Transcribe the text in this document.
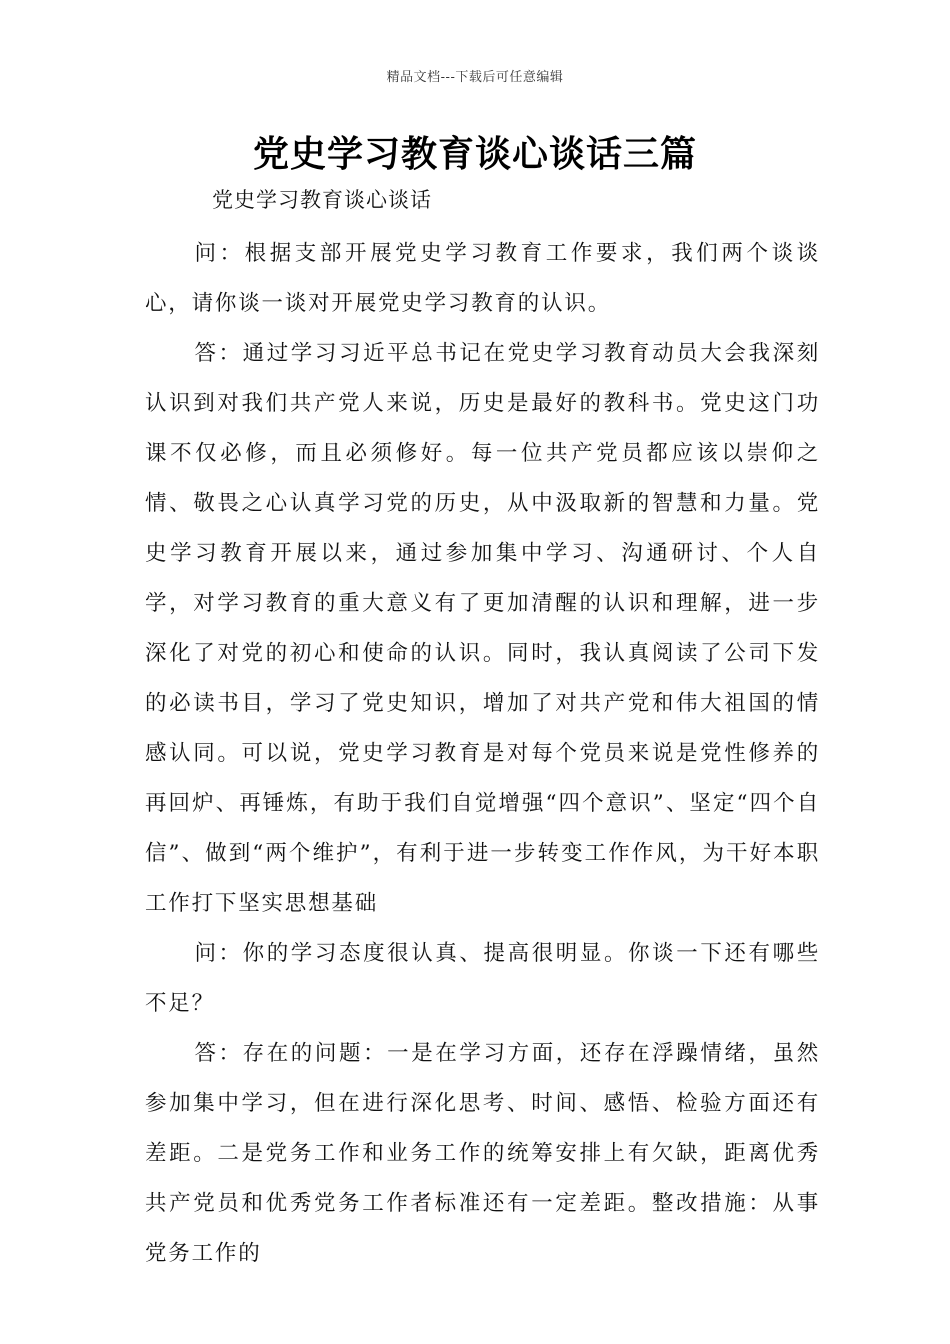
精品文档---下载后可任意编辑
党史学习教育谈心谈话三篇
党史学习教育谈心谈话

问：根据支部开展党史学习教育工作要求，我们两个谈谈心，请你谈一谈对开展党史学习教育的认识。

答：通过学习习近平总书记在党史学习教育动员大会我深刻认识到对我们共产党人来说，历史是最好的教科书。党史这门功课不仅必修，而且必须修好。每一位共产党员都应该以崇仰之情、敬畏之心认真学习党的历史，从中汲取新的智慧和力量。党史学习教育开展以来，通过参加集中学习、沟通研讨、个人自学，对学习教育的重大意义有了更加清醒的认识和理解，进一步深化了对党的初心和使命的认识。同时，我认真阅读了公司下发的必读书目，学习了党史知识，增加了对共产党和伟大祖国的情感认同。可以说，党史学习教育是对每个党员来说是党性修养的再回炉、再锤炼，有助于我们自觉增强“四个意识”、坚定“四个自信”、做到“两个维护”，有利于进一步转变工作作风，为干好本职工作打下坚实思想基础

问：你的学习态度很认真、提高很明显。你谈一下还有哪些不足？

答：存在的问题：一是在学习方面，还存在浮躁情绪，虽然参加集中学习，但在进行深化思考、时间、感悟、检验方面还有差距。二是党务工作和业务工作的统筹安排上有欠缺，距离优秀共产党员和优秀党务工作者标准还有一定差距。整改措施：从事党务工作的
